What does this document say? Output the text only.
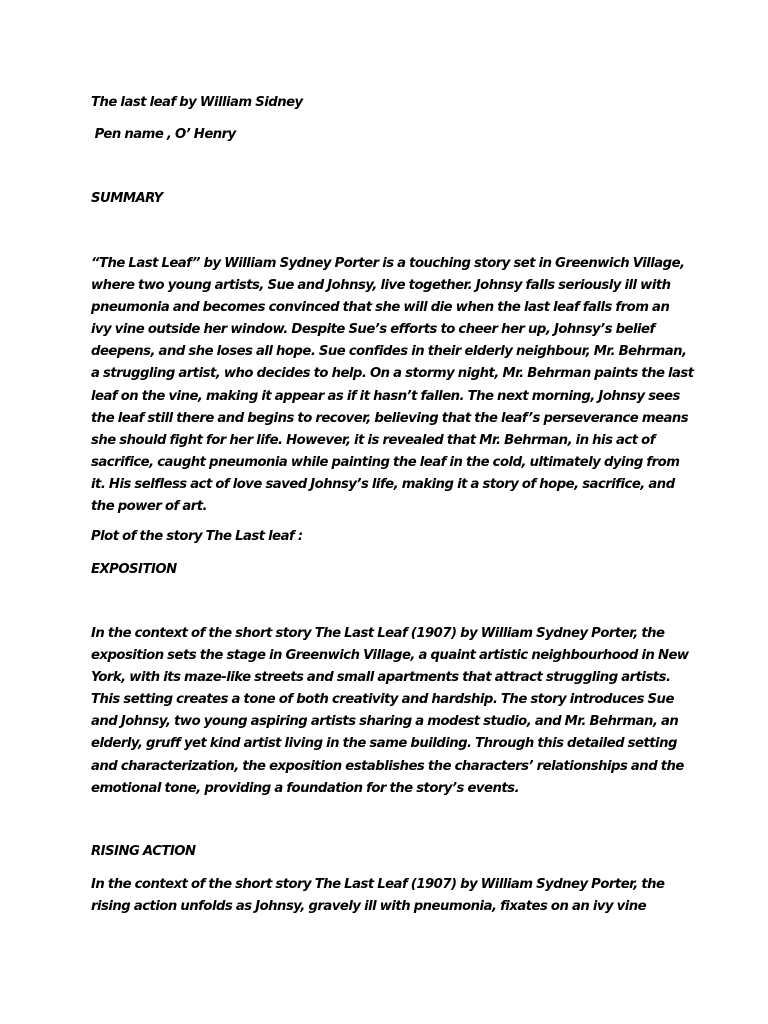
The last leaf by William Sidney

Pen name , O’ Henry

SUMMARY

“The Last Leaf” by William Sydney Porter is a touching story set in Greenwich Village,
where two young artists, Sue and Johnsy, live together. Johnsy falls seriously ill with
pneumonia and becomes convinced that she will die when the last leaf falls from an
ivy vine outside her window. Despite Sue’s efforts to cheer her up, Johnsy’s belief
deepens, and she loses all hope. Sue confides in their elderly neighbour, Mr. Behrman,
a struggling artist, who decides to help. On a stormy night, Mr. Behrman paints the last
leaf on the vine, making it appear as if it hasn’t fallen. The next morning, Johnsy sees
the leaf still there and begins to recover, believing that the leaf’s perseverance means
she should fight for her life. However, it is revealed that Mr. Behrman, in his act of
sacrifice, caught pneumonia while painting the leaf in the cold, ultimately dying from
it. His selfless act of love saved Johnsy’s life, making it a story of hope, sacrifice, and
the power of art.

Plot of the story The Last leaf :

EXPOSITION

In the context of the short story The Last Leaf (1907) by William Sydney Porter, the
exposition sets the stage in Greenwich Village, a quaint artistic neighbourhood in New
York, with its maze-like streets and small apartments that attract struggling artists.
This setting creates a tone of both creativity and hardship. The story introduces Sue
and Johnsy, two young aspiring artists sharing a modest studio, and Mr. Behrman, an
elderly, gruff yet kind artist living in the same building. Through this detailed setting
and characterization, the exposition establishes the characters’ relationships and the
emotional tone, providing a foundation for the story’s events.

RISING ACTION

In the context of the short story The Last Leaf (1907) by William Sydney Porter, the
rising action unfolds as Johnsy, gravely ill with pneumonia, fixates on an ivy vine
